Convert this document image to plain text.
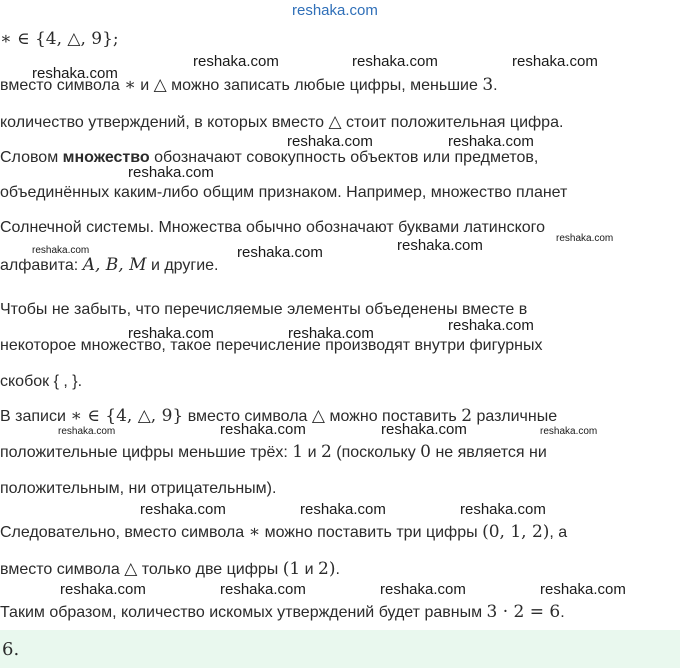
reshaka.com
∗ ∈ {4, △, 9};
вместо символа ∗ и △ можно записать любые цифры, меньшие 3.
количество утверждений, в которых вместо △ стоит положительная цифра.
Словом множество обозначают совокупность объектов или предметов,
объединённых каким-либо общим признаком. Например, множество планет
Солнечной системы. Множества обычно обозначают буквами латинского
алфавита: A, B, M и другие.
Чтобы не забыть, что перечисляемые элементы объеденены вместе в
некоторое множество, такое перечисление производят внутри фигурных
скобок { , }.
В записи ∗ ∈ {4, △, 9} вместо символа △ можно поставить 2 различные
положительные цифры меньшие трёх: 1 и 2 (поскольку 0 не является ни
положительным, ни отрицательным).
Следовательно, вместо символа ∗ можно поставить три цифры (0, 1, 2), а
вместо символа △ только две цифры (1 и 2).
Таким образом, количество искомых утверждений будет равным 3 · 2 = 6.
6.
reshaka.com	reshaka.com	reshaka.com
reshaka.com
reshaka.com	reshaka.com
reshaka.com
reshaka.com
reshaka.com	reshaka.com
reshaka.com
reshaka.com
reshaka.com	reshaka.com
reshaka.com	reshaka.com	reshaka.com	reshaka.com
reshaka.com	reshaka.com	reshaka.com
reshaka.com	reshaka.com	reshaka.com	reshaka.com
